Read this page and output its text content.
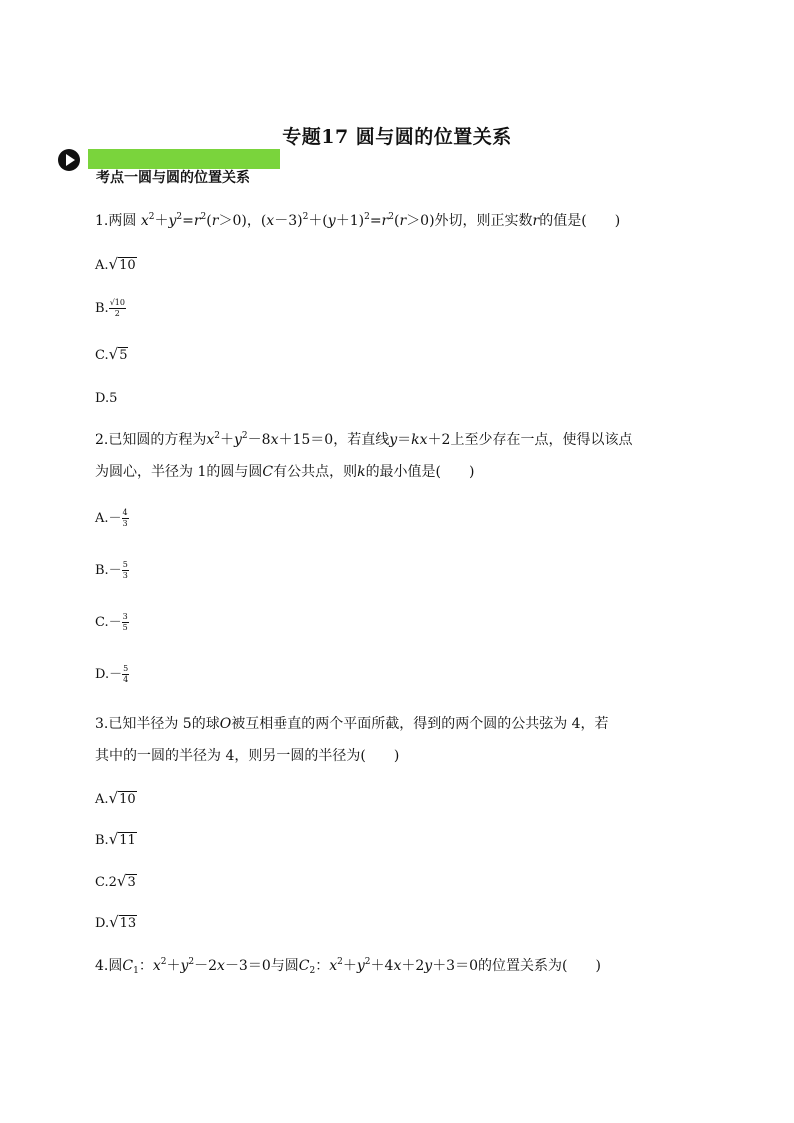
专题17 圆与圆的位置关系
考点一圆与圆的位置关系
1.两圆 $x^2+y^2=r^2(r>0)$，$(x-3)^2+(y+1)^2=r^2(r>0)$外切，则正实数r的值是(　　)
A.√10
B. $\frac{√10}{2}$
C.√5
D.5
2.已知圆的方程为$x^2+y^2-8x+15=0$，若直线y＝kx＋2上至少存在一点，使得以该点
为圆心，半径为 1的圆与圆C有公共点，则k的最小值是(　　)
$A.- \frac{4}{3}$
$B.- \frac{5}{3}$
$C.- \frac{3}{5}$
$D.- \frac{5}{4}$
3.已知半径为 5的球O被互相垂直的两个平面所截，得到的两个圆的公共弦为 4，若
其中的一圆的半径为 4，则另一圆的半径为(　　)
A.√10
B.√11
C.2√3
D.√13
4.圆$C_1$：$x^2+y^2-2x-3=0$与圆$C_2$：$x^2+y^2+4x+2y+3=0$的位置关系为(　　)
